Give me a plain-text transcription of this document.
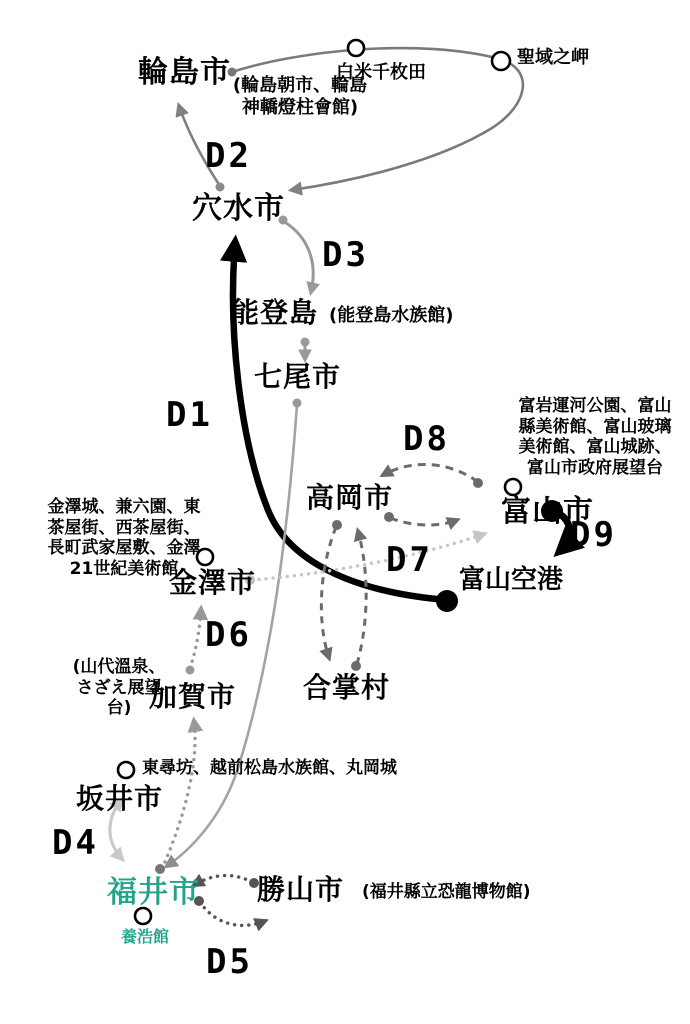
輪島市
穴水市
能登島
七尾市
高岡市	富山市
富山空港
合掌村
金澤市
加賀市
坂井市
福井市 勝山市
D2
D3
D1
D8
D9
D7
D6
D4
D5
(輪島朝市、輪島
神轎燈柱會館)
白米千枚田
聖域之岬
(能登島水族館)
富岩運河公園、富山
縣美術館、富山玻璃
美術館、富山城跡、
富山市政府展望台
金澤城、兼六園、東
茶屋街、西茶屋街、
長町武家屋敷、金澤
21世紀美術館
(山代溫泉、
さざえ展望
台)
東尋坊、越前松島水族館、丸岡城
(福井縣立恐龍博物館)
養浩館
